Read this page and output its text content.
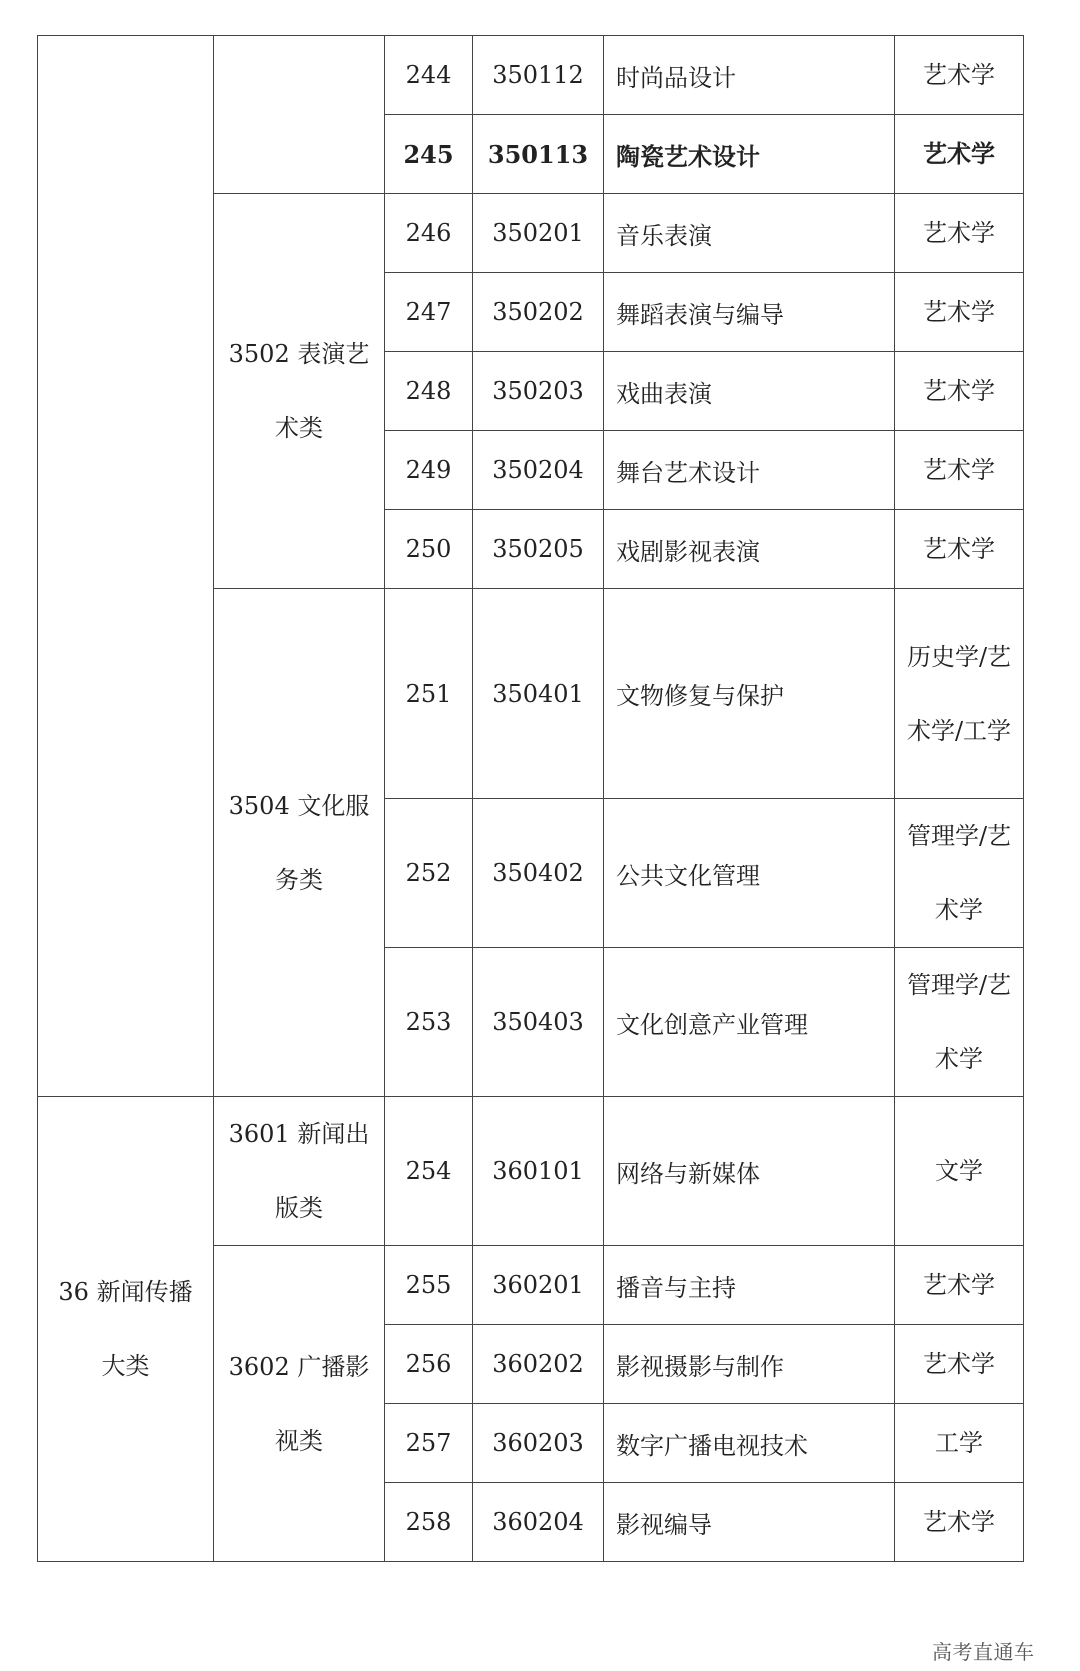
		244	350112	时尚品设计	艺术学
		245	350113	陶瓷艺术设计	艺术学
	3502 表演艺术类	246	350201	音乐表演	艺术学
		247	350202	舞蹈表演与编导	艺术学
		248	350203	戏曲表演	艺术学
		249	350204	舞台艺术设计	艺术学
		250	350205	戏剧影视表演	艺术学
	3504 文化服务类	251	350401	文物修复与保护	历史学/艺术学/工学
		252	350402	公共文化管理	管理学/艺术学
		253	350403	文化创意产业管理	管理学/艺术学
36 新闻传播大类	3601 新闻出版类	254	360101	网络与新媒体	文学
	3602 广播影视类	255	360201	播音与主持	艺术学
		256	360202	影视摄影与制作	艺术学
		257	360203	数字广播电视技术	工学
		258	360204	影视编导	艺术学
高考直通车
